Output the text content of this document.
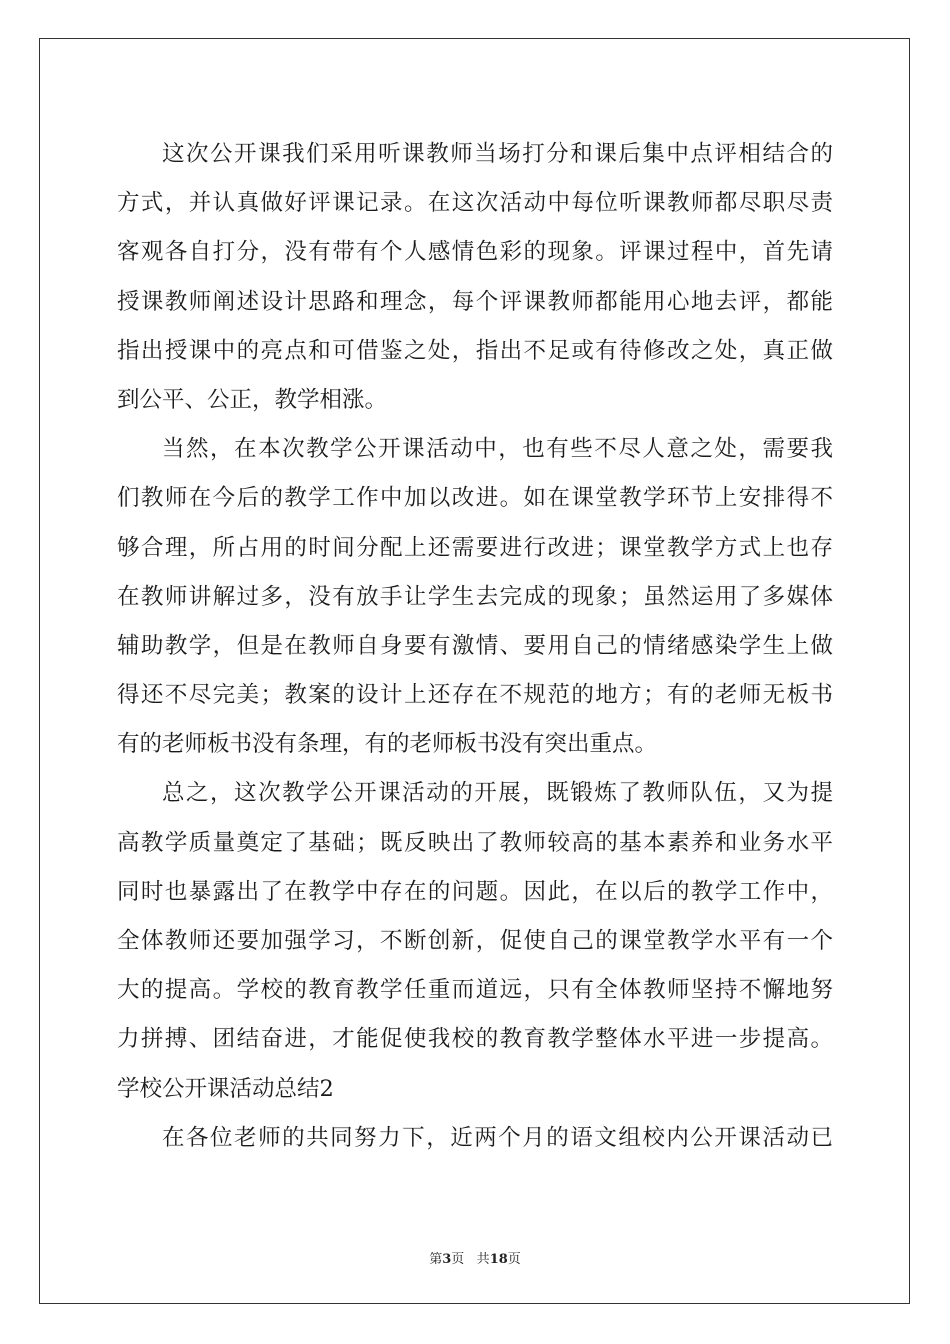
这次公开课我们采用听课教师当场打分和课后集中点评相结合的
方式，并认真做好评课记录。在这次活动中每位听课教师都尽职尽责
客观各自打分，没有带有个人感情色彩的现象。评课过程中，首先请
授课教师阐述设计思路和理念，每个评课教师都能用心地去评，都能
指出授课中的亮点和可借鉴之处，指出不足或有待修改之处，真正做
到公平、公正，教学相涨。
当然，在本次教学公开课活动中，也有些不尽人意之处，需要我
们教师在今后的教学工作中加以改进。如在课堂教学环节上安排得不
够合理，所占用的时间分配上还需要进行改进；课堂教学方式上也存
在教师讲解过多，没有放手让学生去完成的现象；虽然运用了多媒体
辅助教学，但是在教师自身要有激情、要用自己的情绪感染学生上做
得还不尽完美；教案的设计上还存在不规范的地方；有的老师无板书
有的老师板书没有条理，有的老师板书没有突出重点。
总之，这次教学公开课活动的开展，既锻炼了教师队伍，又为提
高教学质量奠定了基础；既反映出了教师较高的基本素养和业务水平
同时也暴露出了在教学中存在的问题。因此，在以后的教学工作中，
全体教师还要加强学习，不断创新，促使自己的课堂教学水平有一个
大的提高。学校的教育教学任重而道远，只有全体教师坚持不懈地努
力拼搏、团结奋进，才能促使我校的教育教学整体水平进一步提高。
学校公开课活动总结2
在各位老师的共同努力下，近两个月的语文组校内公开课活动已
第3页 共18页
